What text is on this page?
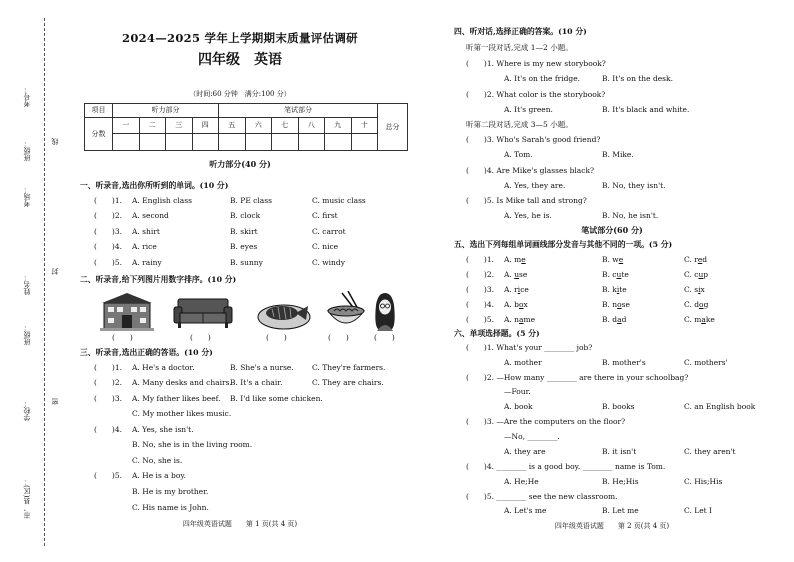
考号：
班级：
考场：
姓名：
班级：
学校：
市、县(区)：
线
封
密
2024—2025 学年上学期期末质量评估调研
四年级　英语
（时间:60 分钟　满分:100 分）
项目	听力部分				笔试部分						总分
分数	一	二	三	四	五	六	七	八	九	十	

听力部分(40 分)
一、听录音,选出你所听到的单词。(10 分)
(　　)1. A. English class	B. PE class	C. music class
(　　)2. A. second	B. clock	C. first
(　　)3. A. shirt	B. skirt	C. carrot
(　　)4. A. rice	B. eyes	C. nice
(　　)5. A. rainy	B. sunny	C. windy
二、听录音,给下列图片用数字排序。(10 分)
(　　)	(　　)	(　　)	(　　)	(　　)
三、听录音,选出正确的答语。(10 分)
(　　)1. A. He's a doctor.	B. She's a nurse. C. They're farmers.
(　　)2. A. Many desks and chairs.
B. It's a chair.	C. They are chairs.
(　　)3. A. My father likes beef. B. I'd like some chicken.
C. My mother likes music.
(　　)4. A. Yes, she isn't.
B. No, she is in the living room.
C. No, she is.
(　　)5. A. He is a boy.
B. He is my brother.
C. His name is John.
四年级英语试题　　第 1 页(共 4 页)
四、听对话,选择正确的答案。(10 分)
听第一段对话,完成 1—2 小题。
(　　)1. Where is my new storybook?
A. It's on the fridge.	B. It's on the desk.
(　　)2. What color is the storybook?
A. It's green.	B. It's black and white.
听第二段对话,完成 3—5 小题。
(　　)3. Who's Sarah's good friend?
A. Tom.	B. Mike.
(　　)4. Are Mike's glasses black?
A. Yes, they are.	B. No, they isn't.
(　　)5. Is Mike tall and strong?
A. Yes, he is.	B. No, he isn't.
笔试部分(60 分)
五、选出下列每组单词画线部分发音与其他不同的一项。(5 分)
(　　)1. A. me	B. we	C. red
(　　)2. A. use	B. cute	C. cup
(　　)3. A. rice	B. kite	C. six
(　　)4. A. box	B. nose	C. dog
(　　)5. A. name	B. dad	C. make
六、单项选择题。(5 分)
(　　)1. What's your ________ job?
A. mother	B. mother's	C. mothers'
(　　)2. —How many ________ are there in your schoolbag?
—Four.
A. book	B. books	C. an English book
(　　)3. —Are the computers on the floor?
—No, ________.
A. they are	B. it isn't	C. they aren't
(　　)4. ________ is a good boy. ________ name is Tom.
A. He;He	B. He;His	C. His;His
(　　)5. ________ see the new classroom.
A. Let's me	B. Let me	C. Let I
四年级英语试题　　第 2 页(共 4 页)
